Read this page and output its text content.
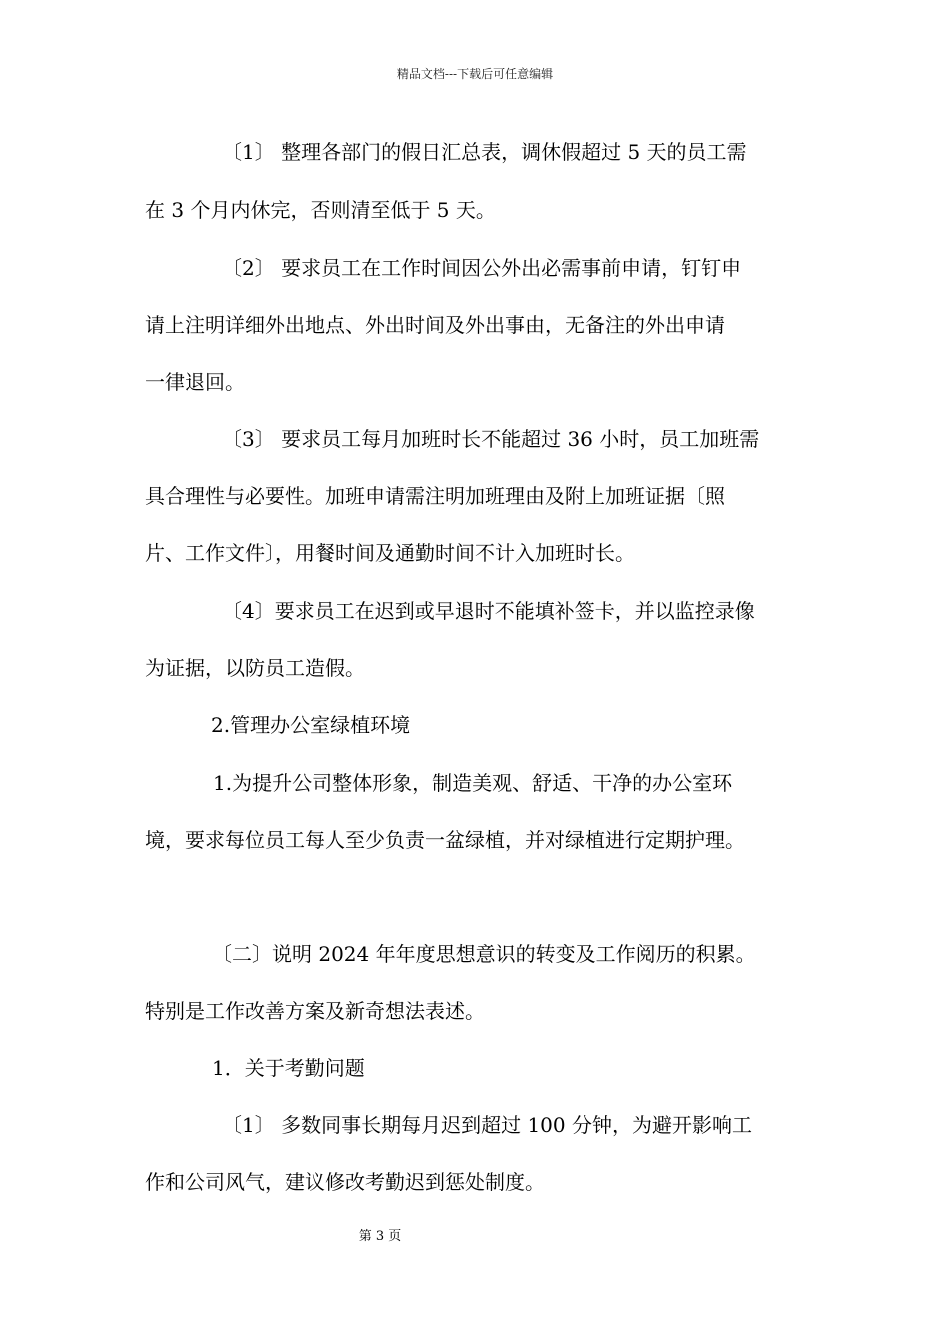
精品文档---下载后可任意编辑
〔1〕 整理各部门的假日汇总表，调休假超过 5 天的员工需
在 3 个月内休完，否则清至低于 5 天。
〔2〕 要求员工在工作时间因公外出必需事前申请，钉钉申
请上注明详细外出地点、外出时间及外出事由，无备注的外出申请
一律退回。
〔3〕 要求员工每月加班时长不能超过 36 小时，员工加班需
具合理性与必要性。加班申请需注明加班理由及附上加班证据〔照
片、工作文件〕，用餐时间及通勤时间不计入加班时长。
〔4〕要求员工在迟到或早退时不能填补签卡，并以监控录像
为证据，以防员工造假。
2.管理办公室绿植环境
1.为提升公司整体形象，制造美观、舒适、干净的办公室环
境，要求每位员工每人至少负责一盆绿植，并对绿植进行定期护理。
〔二〕说明 2024 年年度思想意识的转变及工作阅历的积累。
特别是工作改善方案及新奇想法表述。
1．关于考勤问题
〔1〕 多数同事长期每月迟到超过 100 分钟，为避开影响工
作和公司风气，建议修改考勤迟到惩处制度。
第 3 页
